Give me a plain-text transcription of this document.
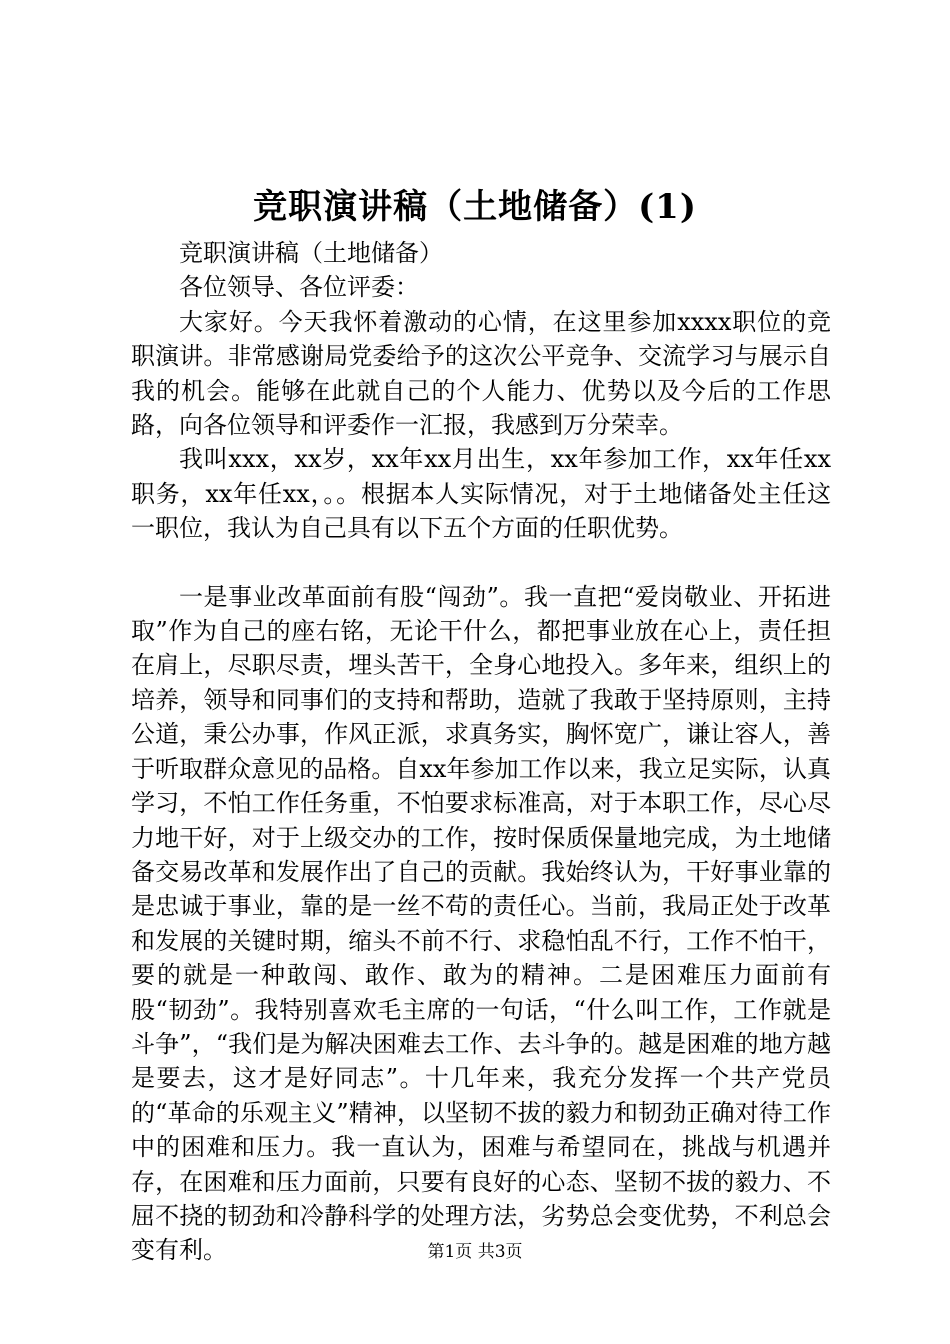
竞职演讲稿（土地储备）(1)

竞职演讲稿（土地储备）

各位领导、各位评委：

大家好。今天我怀着激动的心情，在这里参加xxxx职位的竞职演讲。非常感谢局党委给予的这次公平竞争、交流学习与展示自我的机会。能够在此就自己的个人能力、优势以及今后的工作思路，向各位领导和评委作一汇报，我感到万分荣幸。

我叫xxx，xx岁，xx年xx月出生，xx年参加工作，xx年任xx职务，xx年任xx，。。根据本人实际情况，对于土地储备处主任这一职位，我认为自己具有以下五个方面的任职优势。

一是事业改革面前有股“闯劲”。我一直把“爱岗敬业、开拓进取”作为自己的座右铭，无论干什么，都把事业放在心上，责任担在肩上，尽职尽责，埋头苦干，全身心地投入。多年来，组织上的培养，领导和同事们的支持和帮助，造就了我敢于坚持原则，主持公道，秉公办事，作风正派，求真务实，胸怀宽广，谦让容人，善于听取群众意见的品格。自xx年参加工作以来，我立足实际，认真学习，不怕工作任务重，不怕要求标准高，对于本职工作，尽心尽力地干好，对于上级交办的工作，按时保质保量地完成，为土地储备交易改革和发展作出了自己的贡献。我始终认为，干好事业靠的是忠诚于事业，靠的是一丝不苟的责任心。当前，我局正处于改革和发展的关键时期，缩头不前不行、求稳怕乱不行，工作不怕干，要的就是一种敢闯、敢作、敢为的精神。二是困难压力面前有股“韧劲”。我特别喜欢毛主席的一句话，“什么叫工作，工作就是斗争”，“我们是为解决困难去工作、去斗争的。越是困难的地方越是要去，这才是好同志”。十几年来，我充分发挥一个共产党员的“革命的乐观主义”精神，以坚韧不拔的毅力和韧劲正确对待工作中的困难和压力。我一直认为，困难与希望同在，挑战与机遇并存，在困难和压力面前，只要有良好的心态、坚韧不拔的毅力、不屈不挠的韧劲和冷静科学的处理方法，劣势总会变优势，不利总会变有利。	第1页 共3页
